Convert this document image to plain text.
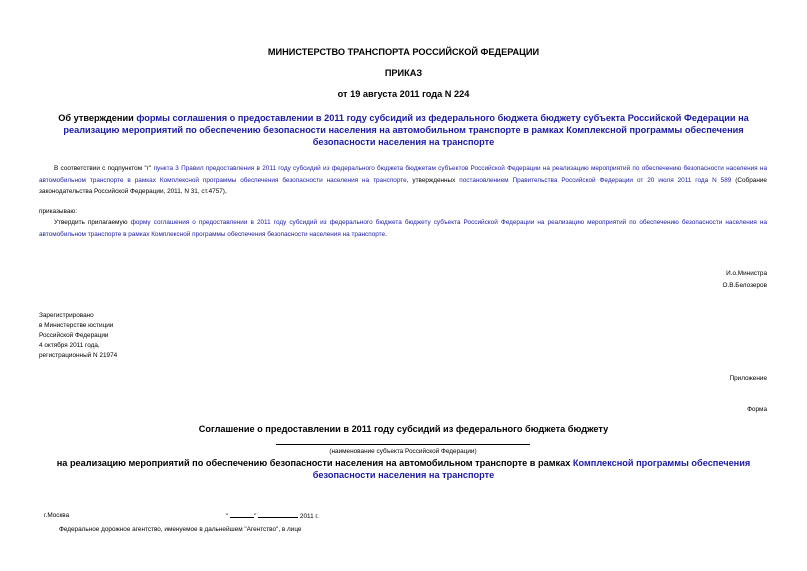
МИНИСТЕРСТВО ТРАНСПОРТА РОССИЙСКОЙ ФЕДЕРАЦИИ
ПРИКАЗ
от 19 августа 2011 года N 224
Об утверждении формы соглашения о предоставлении в 2011 году субсидий из федерального бюджета бюджету субъекта Российской Федерации на реализацию мероприятий по обеспечению безопасности населения на автомобильном транспорте в рамках Комплексной программы обеспечения безопасности населения на транспорте
В соответствии с подпунктом "г" пункта 3 Правил предоставления в 2011 году субсидий из федерального бюджета бюджетам субъектов Российской Федерации на реализацию мероприятий по обеспечению безопасности населения на автомобильном транспорте в рамках Комплексной программы обеспечения безопасности населения на транспорте, утвержденных постановлением Правительства Российской Федерации от 20 июля 2011 года N 589 (Собрание законодательства Российской Федерации, 2011, N 31, ст.4757),
приказываю:
Утвердить прилагаемую форму соглашения о предоставлении в 2011 году субсидий из федерального бюджета бюджету субъекта Российской Федерации на реализацию мероприятий по обеспечению безопасности населения на автомобильном транспорте в рамках Комплексной программы обеспечения безопасности населения на транспорте.
И.о.Министра
О.В.Белозеров
Зарегистрировано
в Министерстве юстиции
Российской Федерации
4 октября 2011 года,
регистрационный N 21974
Приложение
Форма
Соглашение о предоставлении в 2011 году субсидий из федерального бюджета бюджету
(наименование субъекта Российской Федерации)
на реализацию мероприятий по обеспечению безопасности населения на автомобильном транспорте в рамках Комплексной программы обеспечения безопасности населения на транспорте
г.Москва	"	"	2011 г.
Федеральное дорожное агентство, именуемое в дальнейшем "Агентство", в лице
